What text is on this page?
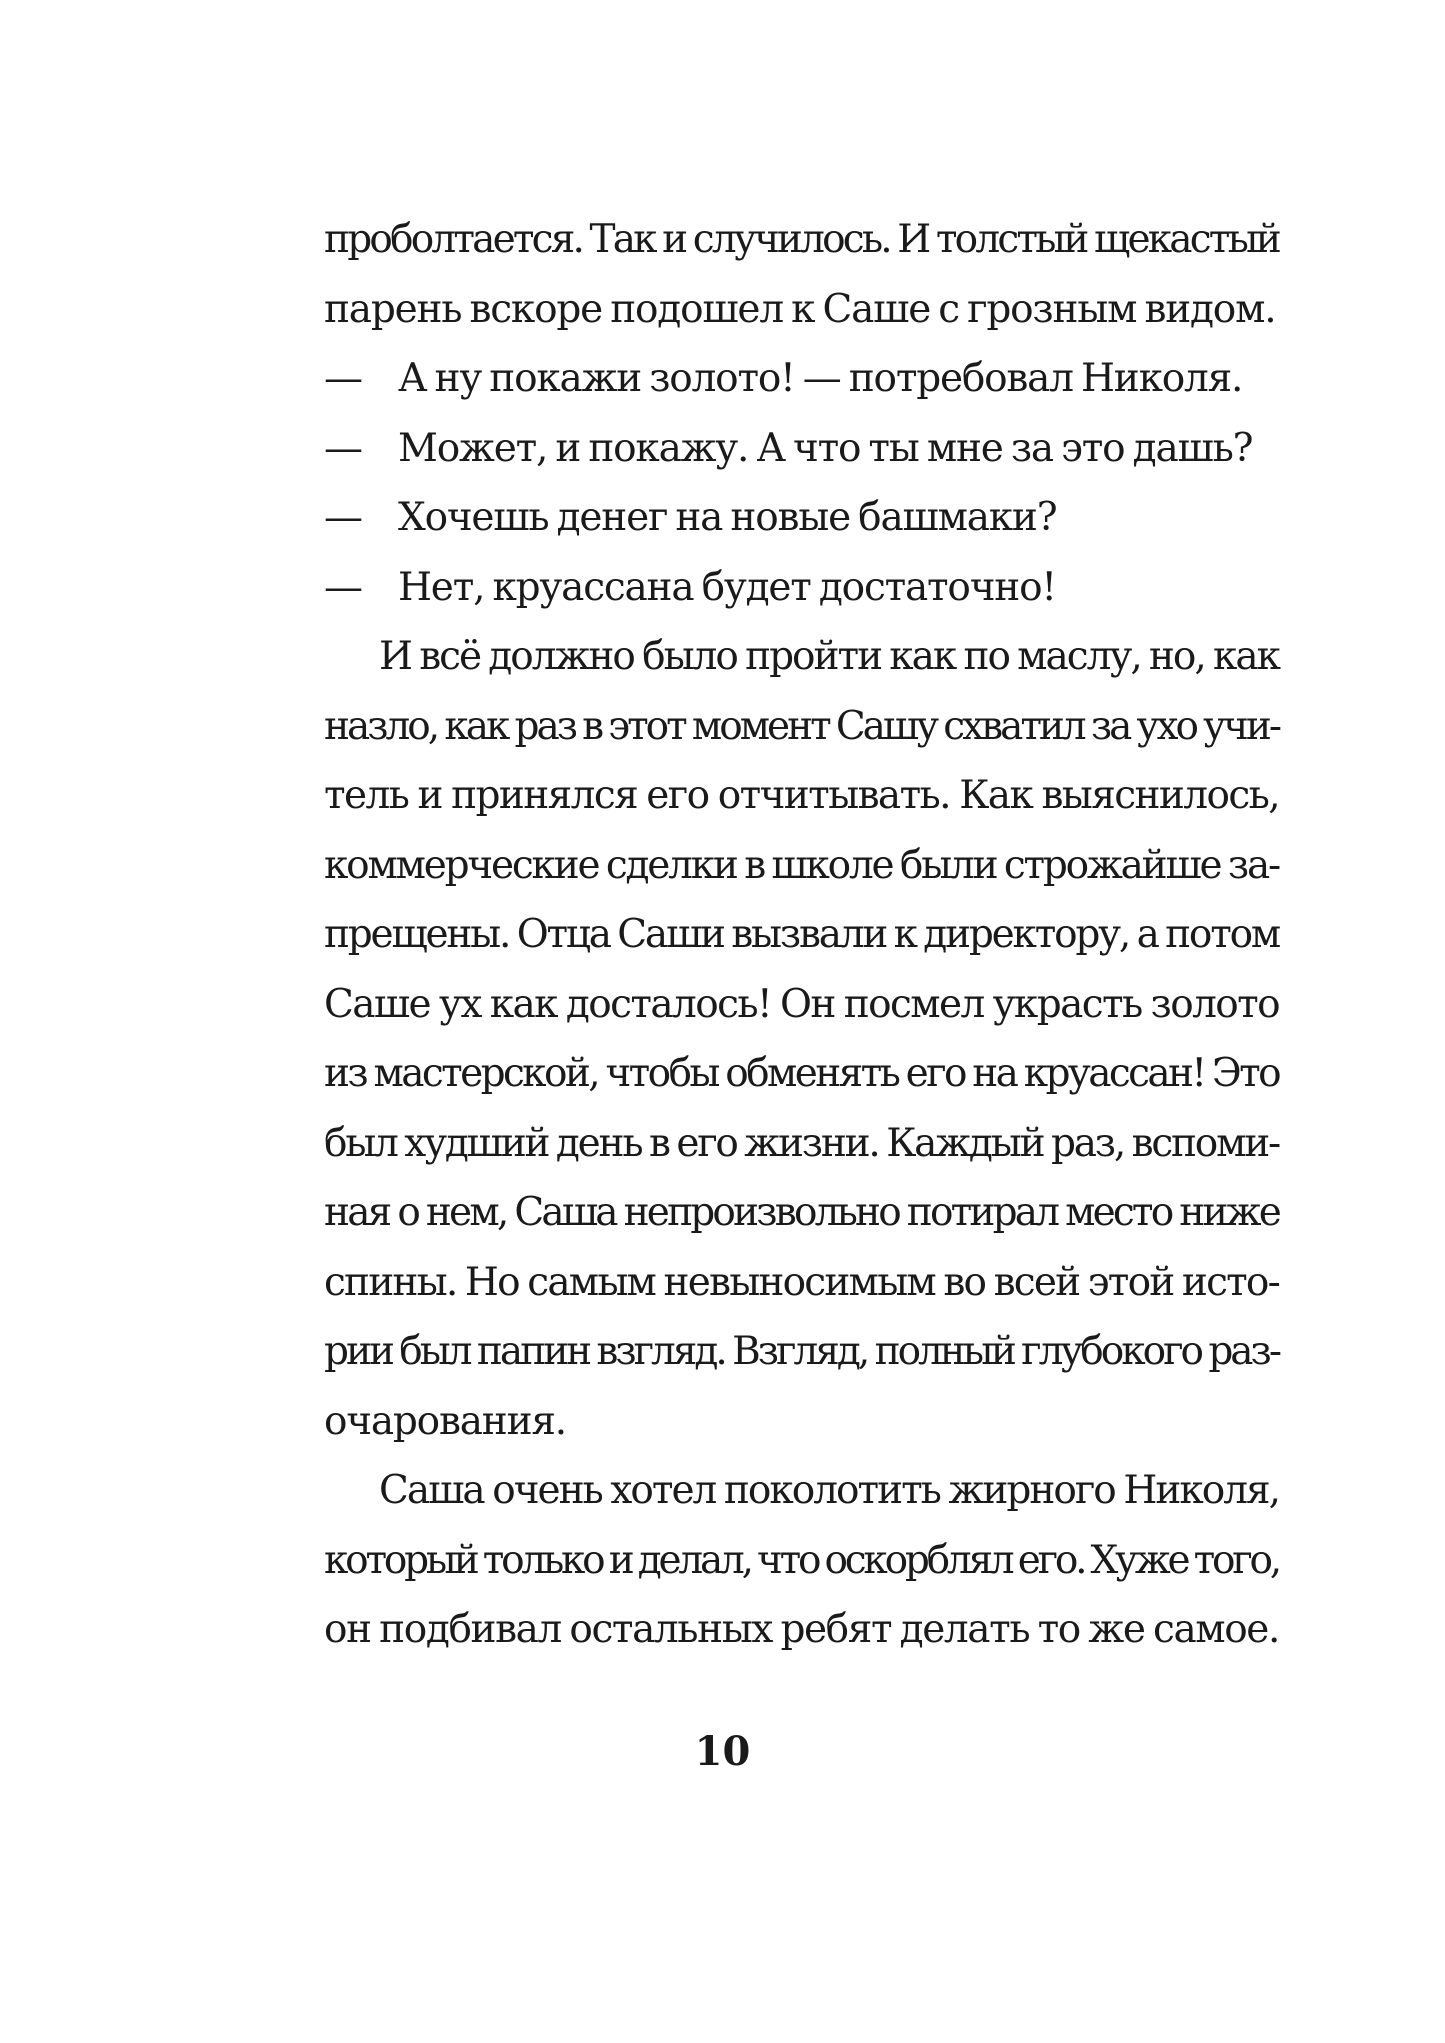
проболтается. Так и случилось. И толстый щекастый
парень вскоре подошел к Саше с грозным видом.
— А ну покажи золото! — потребовал Николя.
— Может, и покажу. А что ты мне за это дашь?
— Хочешь денег на новые башмаки?
— Нет, круассана будет достаточно!
И всё должно было пройти как по маслу, но, как
назло, как раз в этот момент Сашу схватил за ухо учи-
тель и принялся его отчитывать. Как выяснилось,
коммерческие сделки в школе были строжайше за-
прещены. Отца Саши вызвали к директору, а потом
Саше ух как досталось! Он посмел украсть золото
из мастерской, чтобы обменять его на круассан! Это
был худший день в его жизни. Каждый раз, вспоми-
ная о нем, Саша непроизвольно потирал место ниже
спины. Но самым невыносимым во всей этой исто-
рии был папин взгляд. Взгляд, полный глубокого раз-
очарования.
Саша очень хотел поколотить жирного Николя,
который только и делал, что оскорблял его. Хуже того,
он подбивал остальных ребят делать то же самое.
10
